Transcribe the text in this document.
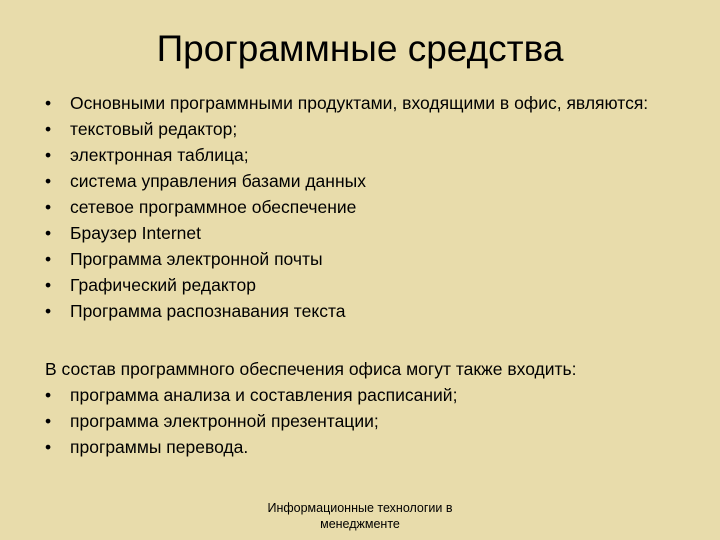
Программные средства
•	Основными программными продуктами, входящими в офис, являются:
•	текстовый редактор;
•	электронная таблица;
•	система управления базами данных
•	сетевое программное обеспечение
•	Браузер Internet
•	Программа электронной почты
•	Графический редактор
•	Программа распознавания текста

В состав программного обеспечения офиса могут также входить:

•	программа анализа и составления расписаний;
•	программа электронной презентации;
•	программы перевода.
Информационные технологии в
менеджменте
